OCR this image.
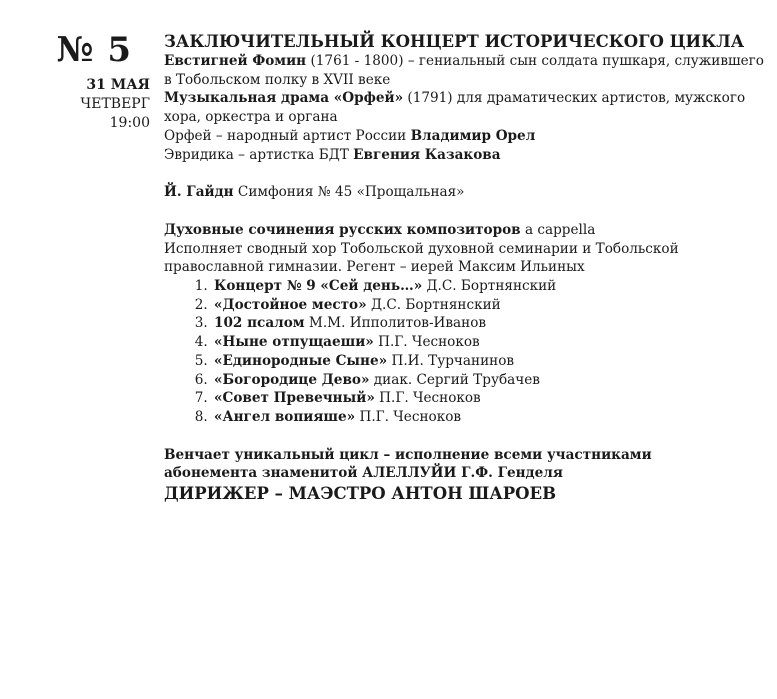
№ 5
31 МАЯ
ЧЕТВЕРГ
19:00
ЗАКЛЮЧИТЕЛЬНЫЙ КОНЦЕРТ ИСТОРИЧЕСКОГО ЦИКЛА

Евстигней Фомин (1761 - 1800) – гениальный сын солдата пушкаря, служившего в Тобольском полку в XVII веке

Музыкальная драма «Орфей» (1791) для драматических артистов, мужского хора, оркестра и органа

Орфей – народный артист России Владимир Орел

Эвридика – артистка БДТ Евгения Казакова

Й. Гайдн Симфония № 45 «Прощальная»

Духовные сочинения русских композиторов a cappella

Исполняет сводный хор Тобольской духовной семинарии и Тобольской православной гимназии. Регент – иерей Максим Ильиных

1. Концерт № 9 «Сей день…» Д.С. Бортнянский
2. «Достойное место» Д.С. Бортнянский
3. 102 псалом М.М. Ипполитов-Иванов
4. «Ныне отпущаеши» П.Г. Чесноков
5. «Единородные Сыне» П.И. Турчанинов
6. «Богородице Дево» диак. Сергий Трубачев
7. «Совет Превечный» П.Г. Чесноков
8. «Ангел вопияше» П.Г. Чесноков

Венчает уникальный цикл – исполнение всеми участниками

абонемента знаменитой АЛЕЛЛУЙИ Г.Ф. Генделя

ДИРИЖЕР – МАЭСТРО АНТОН ШАРОЕВ
